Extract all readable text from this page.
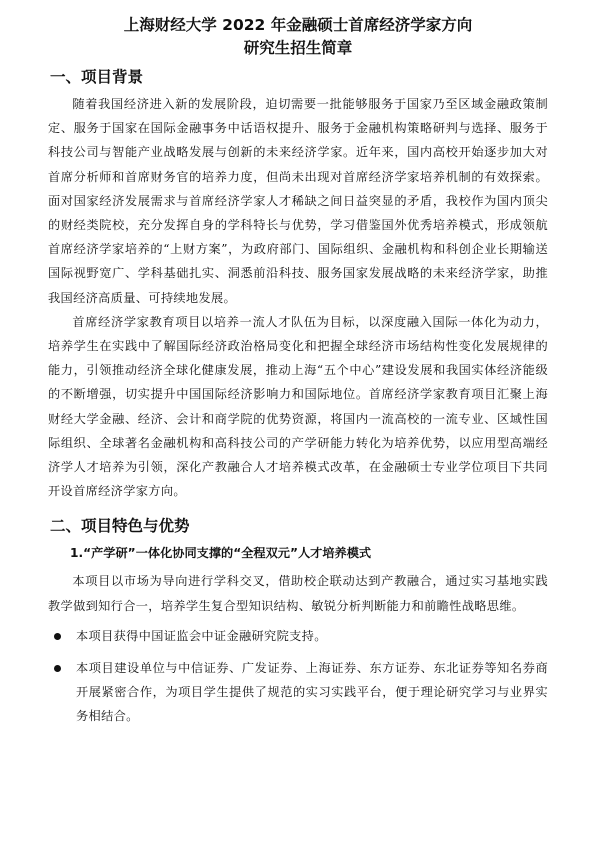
上海财经大学 2022 年金融硕士首席经济学家方向
研究生招生简章
一、项目背景

随着我国经济进入新的发展阶段，迫切需要一批能够服务于国家乃至区域金融政策制定、服务于国家在国际金融事务中话语权提升、服务于金融机构策略研判与选择、服务于科技公司与智能产业战略发展与创新的未来经济学家。近年来，国内高校开始逐步加大对首席分析师和首席财务官的培养力度，但尚未出现对首席经济学家培养机制的有效探索。面对国家经济发展需求与首席经济学家人才稀缺之间日益突显的矛盾，我校作为国内顶尖的财经类院校，充分发挥自身的学科特长与优势，学习借鉴国外优秀培养模式，形成领航首席经济学家培养的“上财方案”，为政府部门、国际组织、金融机构和科创企业长期输送国际视野宽广、学科基础扎实、洞悉前沿科技、服务国家发展战略的未来经济学家，助推我国经济高质量、可持续地发展。

首席经济学家教育项目以培养一流人才队伍为目标，以深度融入国际一体化为动力，培养学生在实践中了解国际经济政治格局变化和把握全球经济市场结构性变化发展规律的能力，引领推动经济全球化健康发展，推动上海“五个中心”建设发展和我国实体经济能级的不断增强，切实提升中国国际经济影响力和国际地位。首席经济学家教育项目汇聚上海财经大学金融、经济、会计和商学院的优势资源，将国内一流高校的一流专业、区域性国际组织、全球著名金融机构和高科技公司的产学研能力转化为培养优势，以应用型高端经济学人才培养为引领，深化产教融合人才培养模式改革，在金融硕士专业学位项目下共同开设首席经济学家方向。

二、项目特色与优势
1.“产学研”一体化协同支撑的“全程双元”人才培养模式

本项目以市场为导向进行学科交叉，借助校企联动达到产教融合，通过实习基地实践教学做到知行合一，培养学生复合型知识结构、敏锐分析判断能力和前瞻性战略思维。

本项目获得中国证监会中证金融研究院支持。
本项目建设单位与中信证券、广发证券、上海证券、东方证券、东北证券等知名券商开展紧密合作，为项目学生提供了规范的实习实践平台，便于理论研究学习与业界实务相结合。
